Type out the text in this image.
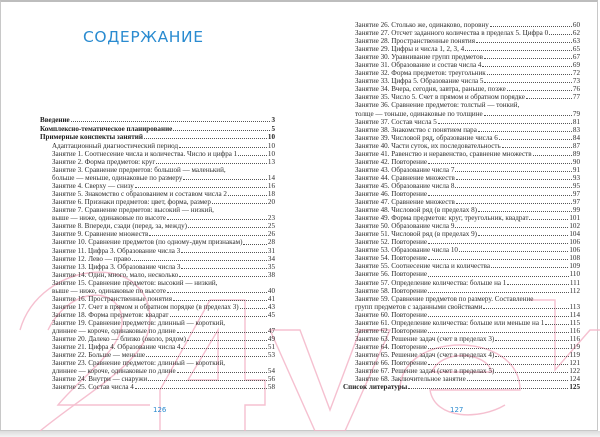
СОДЕРЖАНИЕ
Введение	3
Комплексно-тематическое планирование	5
Примерные конспекты занятий	10
Адаптационный диагностический период	10
Занятие 1. Соотнесение числа и количества. Число и цифра 1	10
Занятие 2. Форма предметов: круг	13
Занятие 3. Сравнение предметов: большой — маленький,
больше — меньше, одинаковые по размеру	14
Занятие 4. Сверху — снизу	16
Занятие 5. Знакомство с образованием и составом числа 2	18
Занятие 6. Признаки предметов: цвет, форма, размер	20
Занятие 7. Сравнение предметов: высокий — низкий,
выше — ниже, одинаковые по высоте	23
Занятие 8. Впереди, сзади (перед, за, между)	25
Занятие 9. Сравнение множеств	26
Занятие 10. Сравнение предметов (по одному-двум признакам)	28
Занятие 11. Цифра 3. Образование числа 3	31
Занятие 12. Лево — право	34
Занятие 13. Цифра 3. Образование числа 3	35
Занятие 14. Один, много, мало, несколько	38
Занятие 15. Сравнение предметов: высокий — низкий,
выше — ниже, одинаковые по высоте	40
Занятие 16. Пространственные понятия	41
Занятие 17. Счет в прямом и обратном порядке (в пределах 3)	43
Занятие 18. Форма предметов: квадрат	45
Занятие 19. Сравнение предметов: длинный — короткий,
длиннее — короче, одинаковые по длине	47
Занятие 20. Далеко — близко (около, рядом)	49
Занятие 21. Цифра 4. Образование числа 4	51
Занятие 22. Больше — меньше	53
Занятие 23. Сравнение предметов: длинный — короткий,
длиннее — короче, одинаковые по длине	54
Занятие 24. Внутри — снаружи	56
Занятие 25. Состав числа 4	58
126
Занятие 26. Столько же, одинаково, поровну	60
Занятие 27. Отсчет заданного количества в пределах 5. Цифра 0	62
Занятие 28. Пространственные понятия	63
Занятие 29. Цифры и числа 1, 2, 3, 4	65
Занятие 30. Уравнивание групп предметов	67
Занятие 31. Образование и состав числа 4	69
Занятие 32. Форма предметов: треугольник	72
Занятие 33. Цифра 5. Образование числа 5	73
Занятие 34. Вчера, сегодня, завтра, раньше, позже	76
Занятие 35. Число 5. Счет в прямом и обратном порядке	77
Занятие 36. Сравнение предметов: толстый — тонкий,
толще — тоньше, одинаковые по толщине	79
Занятие 37. Состав числа 5	81
Занятие 38. Знакомство с понятием пара	83
Занятие 39. Числовой ряд, образование числа 6	84
Занятие 40. Части суток, их последовательность	87
Занятие 41. Равенство и неравенство, сравнение множеств	89
Занятие 42. Повторение	90
Занятие 43. Образование числа 7	91
Занятие 44. Сравнение множеств	93
Занятие 45. Образование числа 8	95
Занятие 46. Повторение	97
Занятие 47. Сравнение множеств	97
Занятие 48. Числовой ряд (в пределах 8)	99
Занятие 49. Форма предметов: круг, треугольник, квадрат	101
Занятие 50. Образование числа 9	102
Занятие 51. Числовой ряд (в пределах 9)	104
Занятие 52. Повторение	106
Занятие 53. Образование числа 10	106
Занятие 54. Повторение	108
Занятие 55. Соотнесение числа и количества	109
Занятие 56. Повторение	110
Занятие 57. Определение количества: больше на 1	111
Занятие 58. Повторение	112
Занятие 59. Сравнение предметов по размеру. Составление
групп предметов с заданными свойствами	113
Занятие 60. Повторение	114
Занятие 61. Определение количества: больше или меньше на 1	115
Занятие 62. Повторение	116
Занятие 63. Решение задач (счет в пределах 3)	116
Занятие 64. Повторение	119
Занятие 65. Решение задач (счет в пределах 4)	119
Занятие 66. Повторение	121
Занятие 67. Решение задач (счет в пределах 5)	122
Занятие 68. Заключительное занятие	124
Список литературы	125
127
